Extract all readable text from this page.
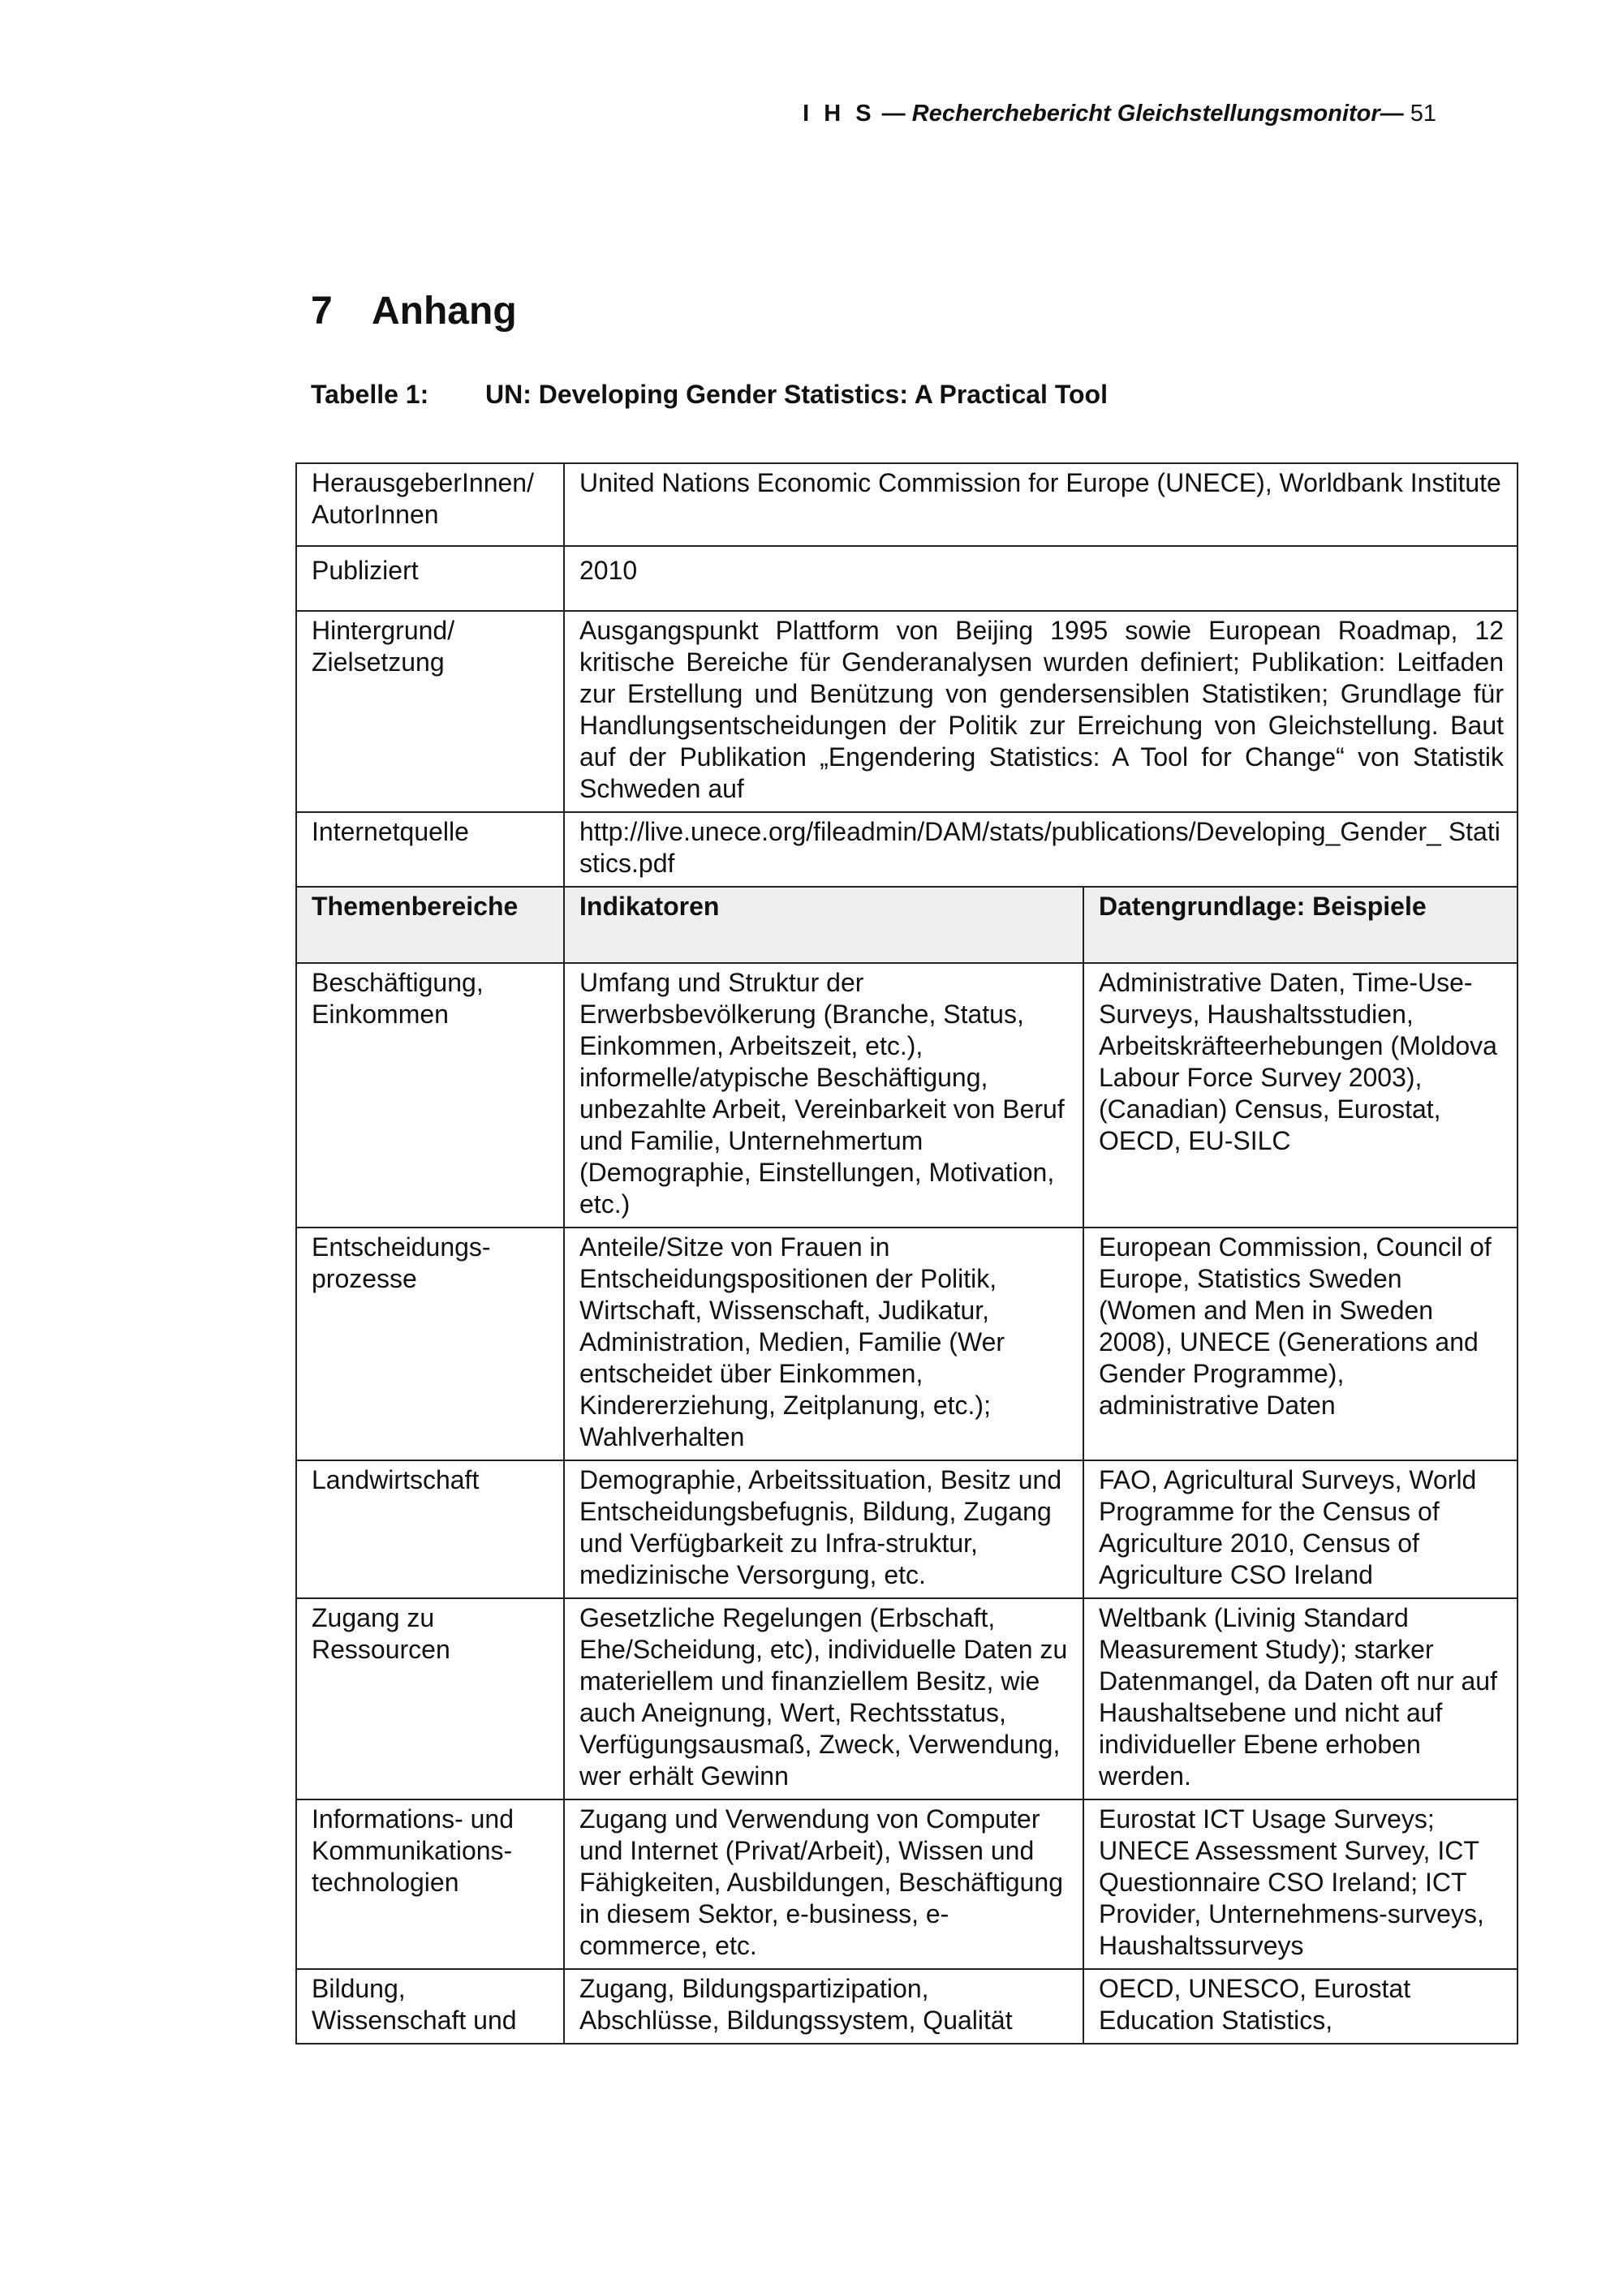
I H S — Recherchebericht Gleichstellungsmonitor— 51
7 Anhang
Tabelle 1: UN: Developing Gender Statistics: A Practical Tool
HerausgeberInnen/ AutorInnen	United Nations Economic Commission for Europe (UNECE), Worldbank Institute	
Publiziert	2010	
Hintergrund/ Zielsetzung	Ausgangspunkt Plattform von Beijing 1995 sowie European Roadmap, 12 kritische Bereiche für Genderanalysen wurden definiert; Publikation: Leitfaden zur Erstellung und Benützung von gendersensiblen Statistiken; Grundlage für Handlungsentscheidungen der Politik zur Erreichung von Gleichstellung. Baut auf der Publikation „Engendering Statistics: A Tool for Change“ von Statistik Schweden auf	
Internetquelle	http://live.unece.org/fileadmin/DAM/stats/publications/Developing_Gender_ Statistics.pdf	
Themenbereiche	Indikatoren	Datengrundlage: Beispiele
Beschäftigung, Einkommen	Umfang und Struktur der Erwerbsbevölkerung (Branche, Status, Einkommen, Arbeitszeit, etc.), informelle/atypische Beschäftigung, unbezahlte Arbeit, Vereinbarkeit von Beruf und Familie, Unternehmertum (Demographie, Einstellungen, Motivation, etc.)	Administrative Daten, Time-Use-Surveys, Haushaltsstudien, Arbeitskräfteerhebungen (Moldova Labour Force Survey 2003), (Canadian) Census, Eurostat, OECD, EU-SILC
Entscheidungs-prozesse	Anteile/Sitze von Frauen in Entscheidungspositionen der Politik, Wirtschaft, Wissenschaft, Judikatur, Administration, Medien, Familie (Wer entscheidet über Einkommen, Kindererziehung, Zeitplanung, etc.); Wahlverhalten	European Commission, Council of Europe, Statistics Sweden (Women and Men in Sweden 2008), UNECE (Generations and Gender Programme), administrative Daten
Landwirtschaft	Demographie, Arbeitssituation, Besitz und Entscheidungsbefugnis, Bildung, Zugang und Verfügbarkeit zu Infra-struktur, medizinische Versorgung, etc.	FAO, Agricultural Surveys, World Programme for the Census of Agriculture 2010, Census of Agriculture CSO Ireland
Zugang zu Ressourcen	Gesetzliche Regelungen (Erbschaft, Ehe/Scheidung, etc), individuelle Daten zu materiellem und finanziellem Besitz, wie auch Aneignung, Wert, Rechtsstatus, Verfügungsausmaß, Zweck, Verwendung, wer erhält Gewinn	Weltbank (Livinig Standard Measurement Study); starker Datenmangel, da Daten oft nur auf Haushaltsebene und nicht auf individueller Ebene erhoben werden.
Informations- und Kommunikations-technologien	Zugang und Verwendung von Computer und Internet (Privat/Arbeit), Wissen und Fähigkeiten, Ausbildungen, Beschäftigung in diesem Sektor, e-business, e-commerce, etc.	Eurostat ICT Usage Surveys; UNECE Assessment Survey, ICT Questionnaire CSO Ireland; ICT Provider, Unternehmens-surveys, Haushaltssurveys
Bildung, Wissenschaft und	Zugang, Bildungspartizipation, Abschlüsse, Bildungssystem, Qualität	OECD, UNESCO, Eurostat Education Statistics,
